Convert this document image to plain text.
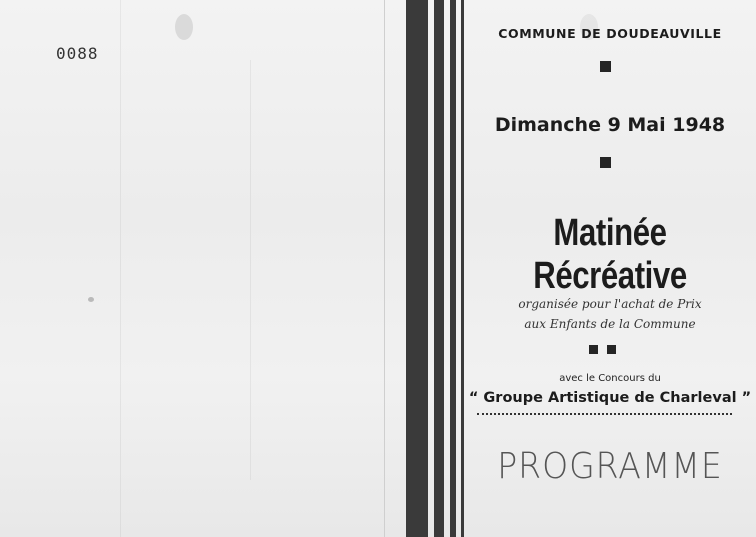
0088
COMMUNE DE DOUDEAUVILLE
Dimanche 9 Mai 1948
Matinée Récréative
organisée pour l'achat de Prix
aux Enfants de la Commune
avec le Concours du
“ Groupe Artistique de Charleval ”
PROGRAMME
